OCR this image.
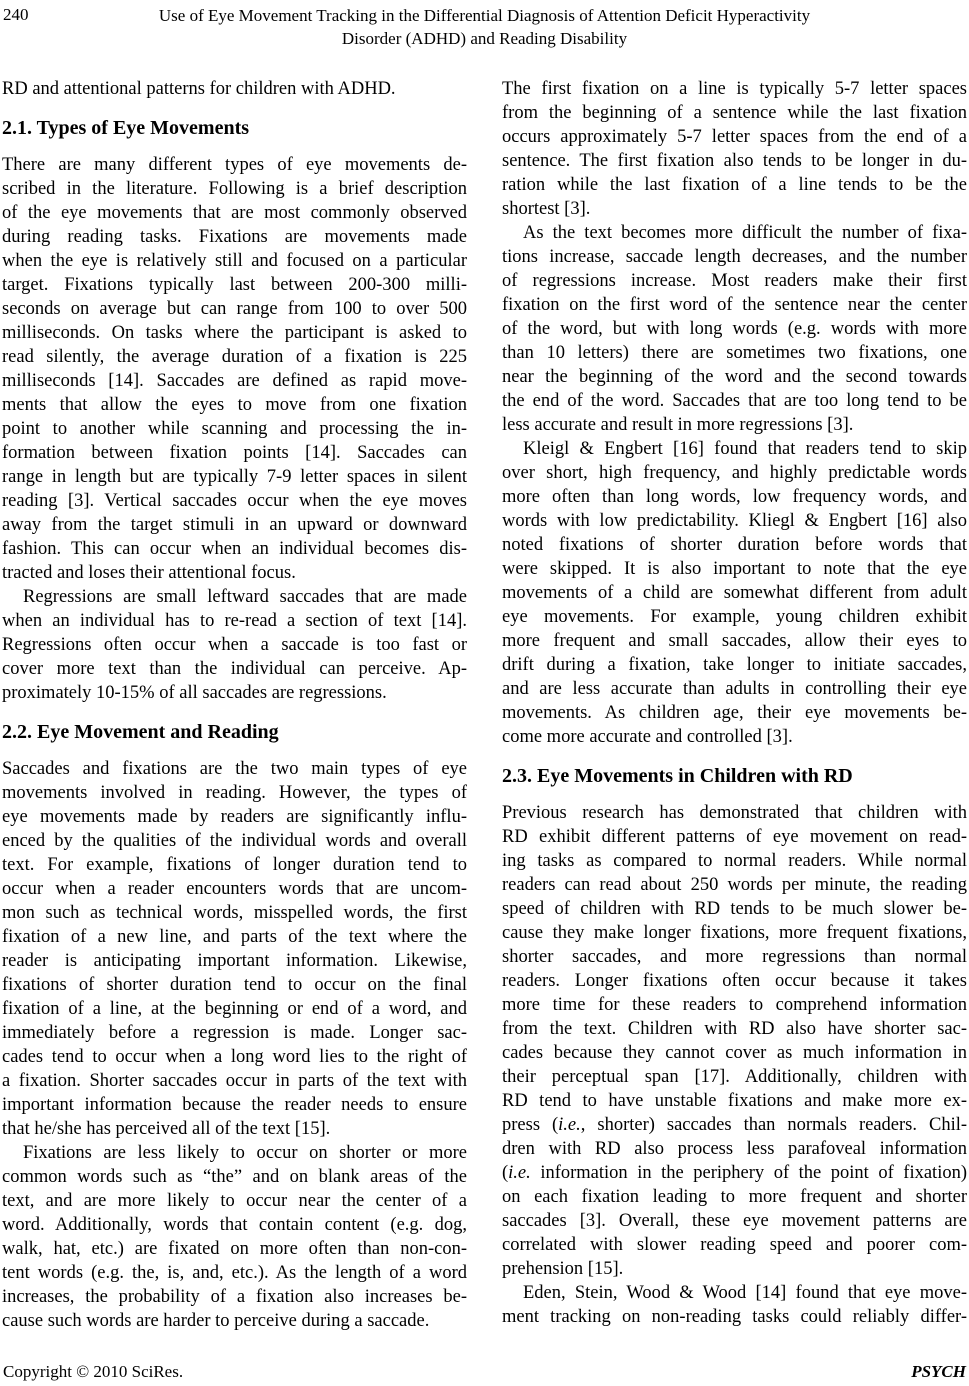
240	Use of Eye Movement Tracking in the Differential Diagnosis of Attention Deficit Hyperactivity
Disorder (ADHD) and Reading Disability
RD and attentional patterns for children with ADHD.
2.1. Types of Eye Movements
There are many different types of eye movements de-
scribed in the literature. Following is a brief description
of the eye movements that are most commonly observed
during reading tasks. Fixations are movements made
when the eye is relatively still and focused on a particular
target. Fixations typically last between 200-300 milli-
seconds on average but can range from 100 to over 500
milliseconds. On tasks where the participant is asked to
read silently, the average duration of a fixation is 225
milliseconds [14]. Saccades are defined as rapid move-
ments that allow the eyes to move from one fixation
point to another while scanning and processing the in-
formation between fixation points [14]. Saccades can
range in length but are typically 7-9 letter spaces in silent
reading [3]. Vertical saccades occur when the eye moves
away from the target stimuli in an upward or downward
fashion. This can occur when an individual becomes dis-
tracted and loses their attentional focus.
Regressions are small leftward saccades that are made
when an individual has to re-read a section of text [14].
Regressions often occur when a saccade is too fast or
cover more text than the individual can perceive. Ap-
proximately 10-15% of all saccades are regressions.
2.2. Eye Movement and Reading
Saccades and fixations are the two main types of eye
movements involved in reading. However, the types of
eye movements made by readers are significantly influ-
enced by the qualities of the individual words and overall
text. For example, fixations of longer duration tend to
occur when a reader encounters words that are uncom-
mon such as technical words, misspelled words, the first
fixation of a new line, and parts of the text where the
reader is anticipating important information. Likewise,
fixations of shorter duration tend to occur on the final
fixation of a line, at the beginning or end of a word, and
immediately before a regression is made. Longer sac-
cades tend to occur when a long word lies to the right of
a fixation. Shorter saccades occur in parts of the text with
important information because the reader needs to ensure
that he/she has perceived all of the text [15].
Fixations are less likely to occur on shorter or more
common words such as “the” and on blank areas of the
text, and are more likely to occur near the center of a
word. Additionally, words that contain content (e.g. dog,
walk, hat, etc.) are fixated on more often than non-con-
tent words (e.g. the, is, and, etc.). As the length of a word
increases, the probability of a fixation also increases be-
cause such words are harder to perceive during a saccade.
The first fixation on a line is typically 5-7 letter spaces
from the beginning of a sentence while the last fixation
occurs approximately 5-7 letter spaces from the end of a
sentence. The first fixation also tends to be longer in du-
ration while the last fixation of a line tends to be the
shortest [3].
As the text becomes more difficult the number of fixa-
tions increase, saccade length decreases, and the number
of regressions increase. Most readers make their first
fixation on the first word of the sentence near the center
of the word, but with long words (e.g. words with more
than 10 letters) there are sometimes two fixations, one
near the beginning of the word and the second towards
the end of the word. Saccades that are too long tend to be
less accurate and result in more regressions [3].
Kleigl & Engbert [16] found that readers tend to skip
over short, high frequency, and highly predictable words
more often than long words, low frequency words, and
words with low predictability. Kliegl & Engbert [16] also
noted fixations of shorter duration before words that
were skipped. It is also important to note that the eye
movements of a child are somewhat different from adult
eye movements. For example, young children exhibit
more frequent and small saccades, allow their eyes to
drift during a fixation, take longer to initiate saccades,
and are less accurate than adults in controlling their eye
movements. As children age, their eye movements be-
come more accurate and controlled [3].
2.3. Eye Movements in Children with RD
Previous research has demonstrated that children with
RD exhibit different patterns of eye movement on read-
ing tasks as compared to normal readers. While normal
readers can read about 250 words per minute, the reading
speed of children with RD tends to be much slower be-
cause they make longer fixations, more frequent fixations,
shorter saccades, and more regressions than normal
readers. Longer fixations often occur because it takes
more time for these readers to comprehend information
from the text. Children with RD also have shorter sac-
cades because they cannot cover as much information in
their perceptual span [17]. Additionally, children with
RD tend to have unstable fixations and make more ex-
press (i.e., shorter) saccades than normals readers. Chil-
dren with RD also process less parafoveal information
(i.e. information in the periphery of the point of fixation)
on each fixation leading to more frequent and shorter
saccades [3]. Overall, these eye movement patterns are
correlated with slower reading speed and poorer com-
prehension [15].
Eden, Stein, Wood & Wood [14] found that eye move-
ment tracking on non-reading tasks could reliably differ-
Copyright © 2010 SciRes.	PSYCH
